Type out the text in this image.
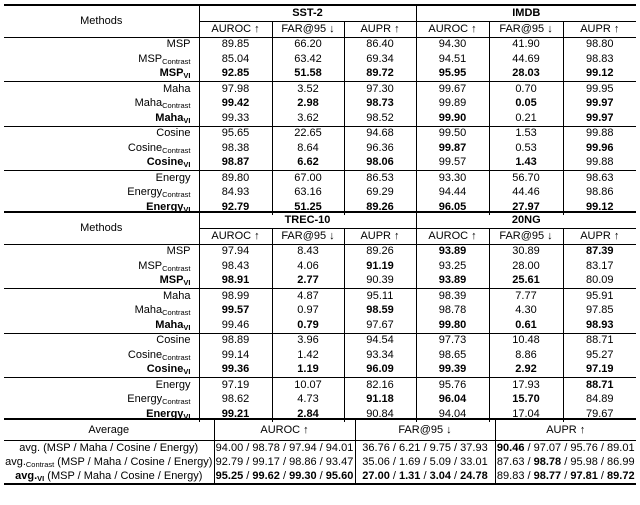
Methods	SST-2			IMDB		
	AUROC ↑	FAR@95 ↓	AUPR ↑	AUROC ↑	FAR@95 ↓	AUPR ↑
MSP	89.85	66.20	86.40	94.30	41.90	98.80
$MSP_{Contrast}$	85.04	63.42	69.34	94.51	44.69	98.83
$MSP_{VI}$	92.85	51.58	89.72	95.95	28.03	99.12
Maha	97.98	3.52	97.30	99.67	0.70	99.95
Maha$_{Contrast}$	99.42	2.98	98.73	99.89	0.05	99.97
Maha$_{VI}$	99.33	3.62	98.52	99.90	0.21	99.97
Cosine	95.65	22.65	94.68	99.50	1.53	99.88
Cosine$_{Contrast}$	98.38	8.64	96.36	99.87	0.53	99.96
Cosine$_{VI}$	98.87	6.62	98.06	99.57	1.43	99.88
Energy	89.80	67.00	86.53	93.30	56.70	98.63
Energy$_{Contrast}$	84.93	63.16	69.29	94.44	44.46	98.86
Energy$_{VI}$	92.79	51.25	89.26	96.05	27.97	99.12
Methods	TREC-10			20NG		
	AUROC ↑	FAR@95 ↓	AUPR ↑	AUROC ↑	FAR@95 ↓	AUPR ↑
MSP	97.94	8.43	89.26	93.89	30.89	87.39
$MSP_{Contrast}$	98.43	4.06	91.19	93.25	28.00	83.17
$MSP_{VI}$	98.91	2.77	90.39	93.89	25.61	80.09
Maha	98.99	4.87	95.11	98.39	7.77	95.91
Maha$_{Contrast}$	99.57	0.97	98.59	98.78	4.30	97.85
Maha$_{VI}$	99.46	0.79	97.67	99.80	0.61	98.93
Cosine	98.89	3.96	94.54	97.73	10.48	88.71
Cosine$_{Contrast}$	99.14	1.42	93.34	98.65	8.86	95.27
Cosine$_{VI}$	99.36	1.19	96.09	99.39	2.92	97.19
Energy	97.19	10.07	82.16	95.76	17.93	88.71
Energy$_{Contrast}$	98.62	4.73	91.18	96.04	15.70	84.89
Energy$_{VI}$	99.21	2.84	90.84	94.04	17.04	79.67
Average	AUROC ↑	FAR@95 ↓	AUPR ↑
avg. (MSP / Maha / Cosine / Energy)	94.00 / 98.78 / 97.94 / 94.01	36.76 / 6.21 / 9.75 / 37.93	90.46 / 97.07 / 95.76 / 89.01
$avg._{Contrast}$ (MSP / Maha / Cosine / Energy)	92.79 / 99.17 / 98.86 / 93.47	35.06 / 1.69 / 5.09 / 33.01	87.63 / 98.78 / 95.98 / 86.99
$avg._{VI}$ (MSP / Maha / Cosine / Energy)	95.25 / 99.62 / 99.30 / 95.60	27.00 / 1.31 / 3.04 / 24.78	89.83 / 98.77 / 97.81 / 89.72
